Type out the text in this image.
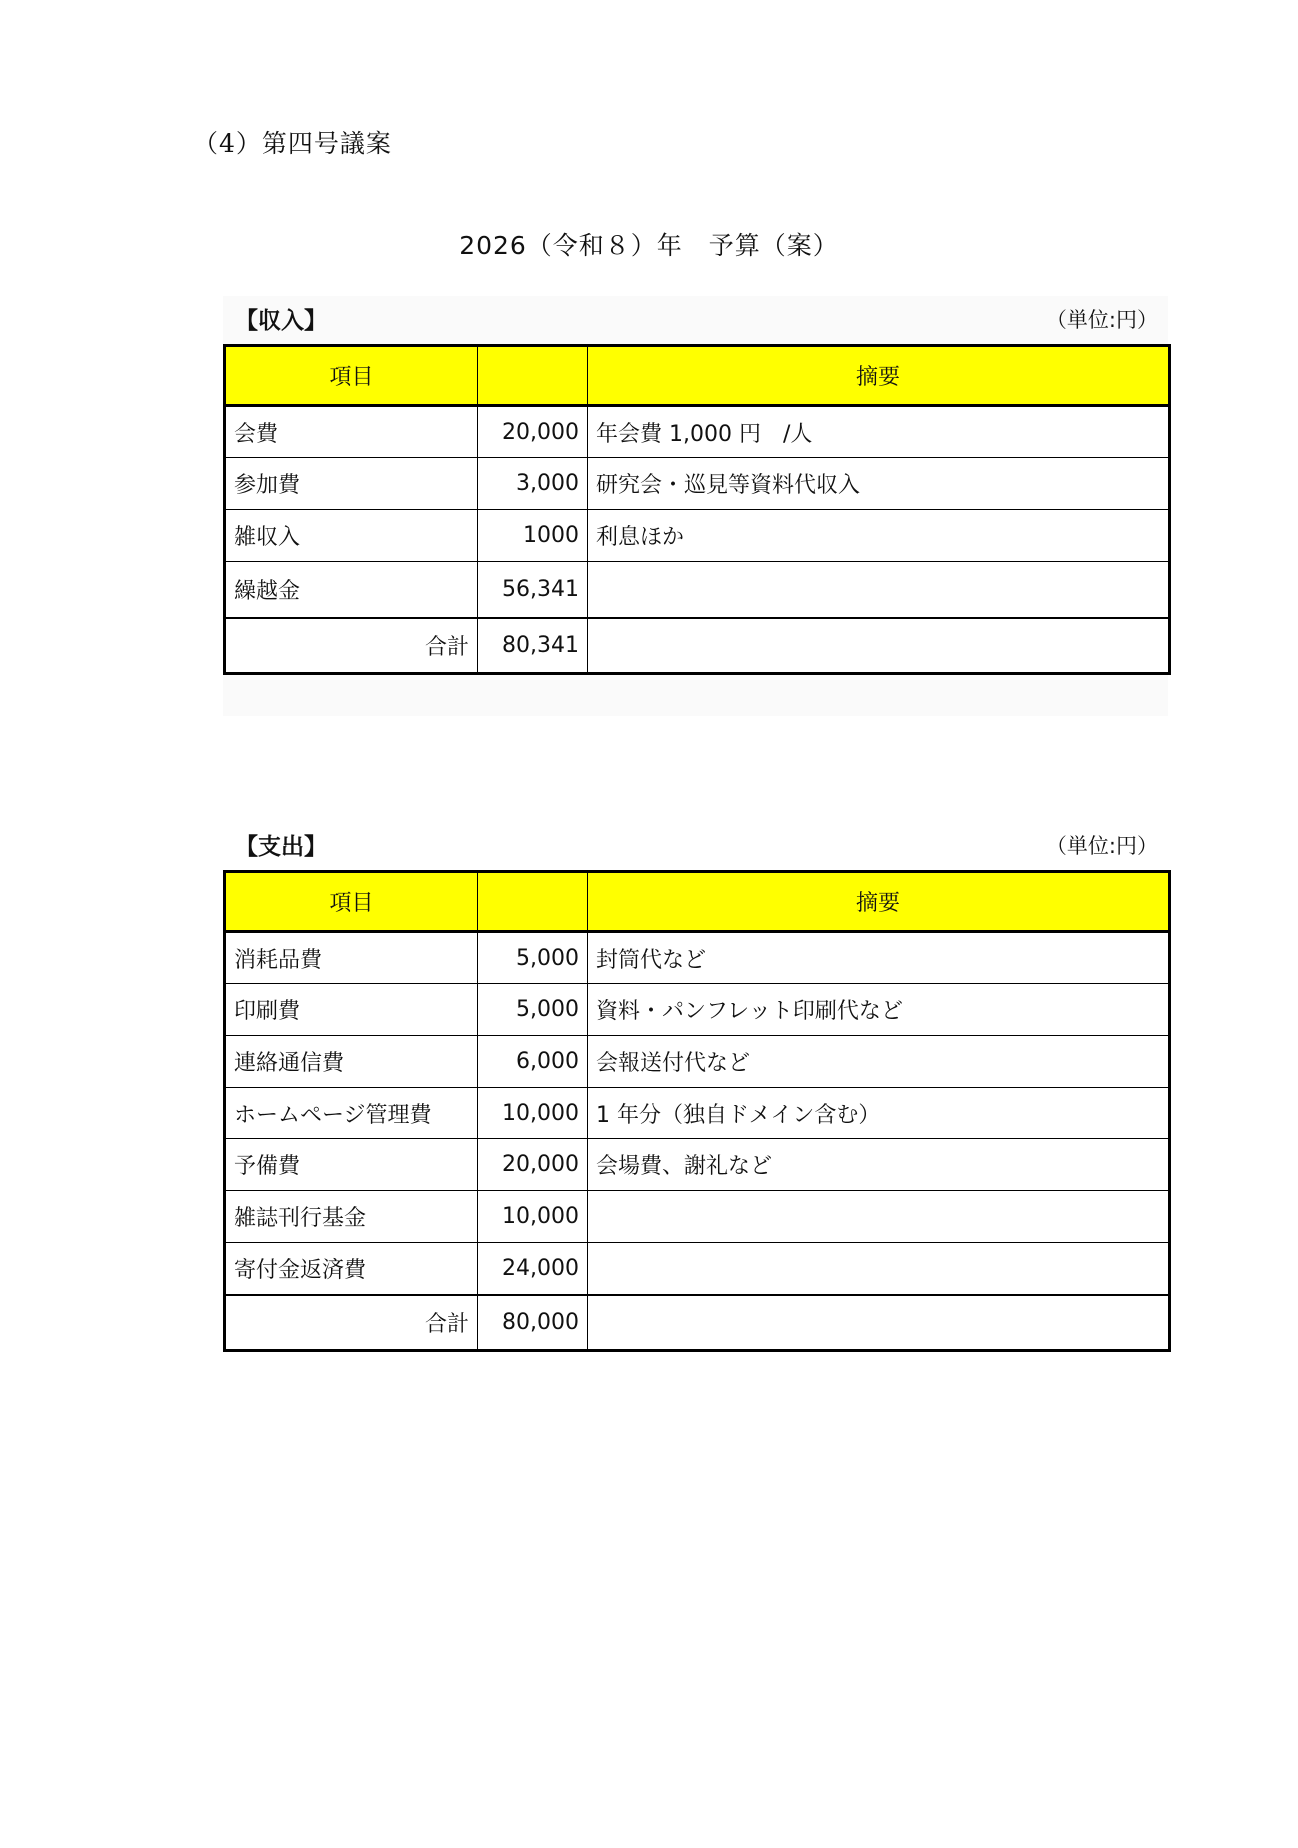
（4）第四号議案
2026（令和８）年　予算（案）
【収入】	（単位:円）
項目		摘要
会費	20,000	年会費 1,000 円　/人
参加費	3,000	研究会・巡見等資料代収入
雑収入	1000	利息ほか
繰越金	56,341	
合計	80,341	
【支出】	（単位:円）
項目		摘要
消耗品費	5,000	封筒代など
印刷費	5,000	資料・パンフレット印刷代など
連絡通信費	6,000	会報送付代など
ホームページ管理費	10,000	1 年分（独自ドメイン含む）
予備費	20,000	会場費、謝礼など
雑誌刊行基金	10,000	
寄付金返済費	24,000	
合計	80,000	
